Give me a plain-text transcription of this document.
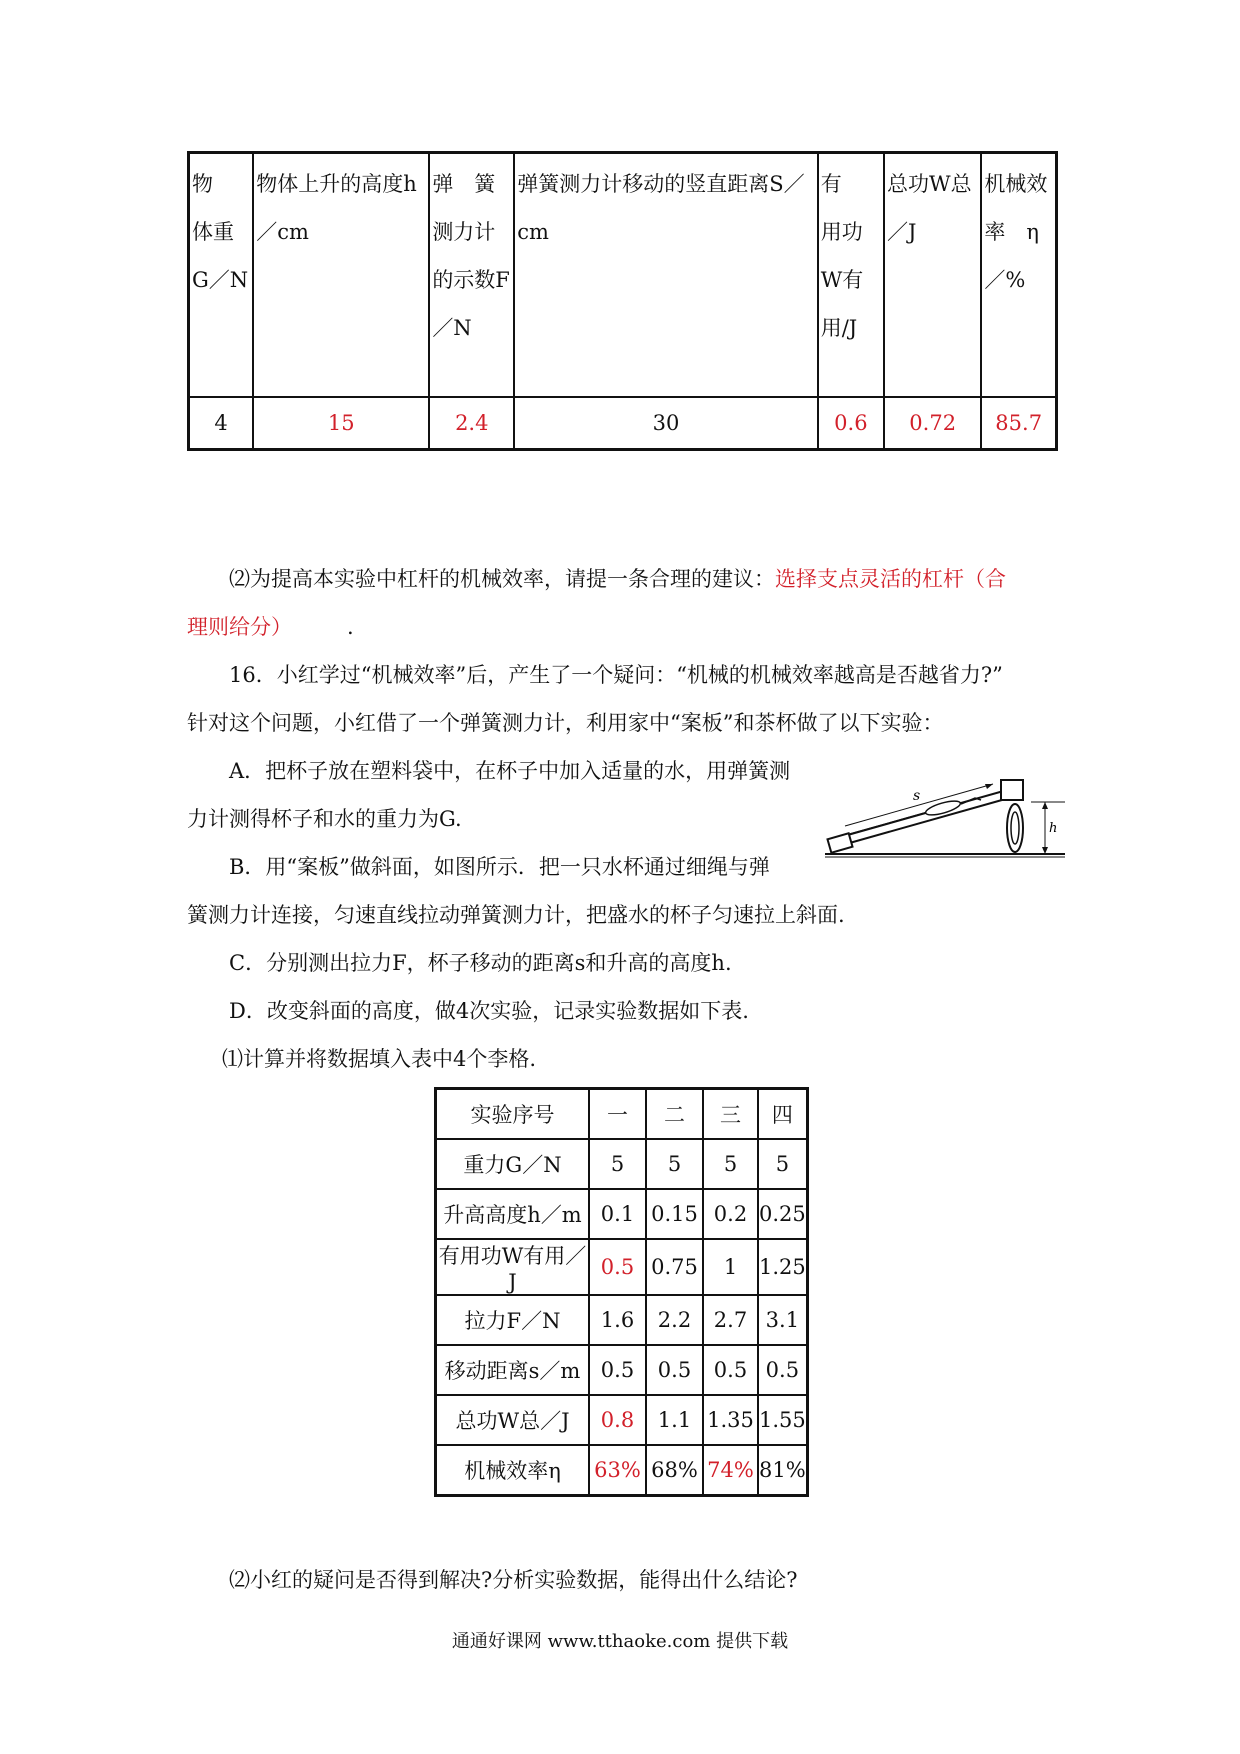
物　体重G／N	物体上升的高度h／cm	弹　簧　测力计的示数F／N	弹簧测力计移动的竖直距离S／cm	有　用功W有用/J	总功W总／J	机械效率　η／%

4	15	2.4	30	0.6	0.72	85.7
⑵为提高本实验中杠杆的机械效率，请提一条合理的建议：选择支点灵活的杠杆（合
理则给分）	.
16．小红学过“机械效率”后，产生了一个疑问：“机械的机械效率越高是否越省力?”
针对这个问题，小红借了一个弹簧测力计，利用家中“案板”和茶杯做了以下实验：
A．把杯子放在塑料袋中，在杯子中加入适量的水，用弹簧测
力计测得杯子和水的重力为G.
B．用“案板”做斜面，如图所示．把一只水杯通过细绳与弹
簧测力计连接，匀速直线拉动弹簧测力计，把盛水的杯子匀速拉上斜面.
C．分别测出拉力F，杯子移动的距离s和升高的高度h.
D．改变斜面的高度，做4次实验，记录实验数据如下表.
⑴计算并将数据填入表中4个李格.
s
h
实验序号	一	二	三	四
重力G／N	5	5	5	5
升高高度h／m	0.1	0.15	0.2	0.25
有用功W有用／J	0.5	0.75	1	1.25
拉力F／N	1.6	2.2	2.7	3.1
移动距离s／m	0.5	0.5	0.5	0.5
总功W总／J	0.8	1.1	1.35	1.55
机械效率η	63%	68%	74%	81%
⑵小红的疑问是否得到解决?分析实验数据，能得出什么结论?
通通好课网 www.tthaoke.com 提供下载
